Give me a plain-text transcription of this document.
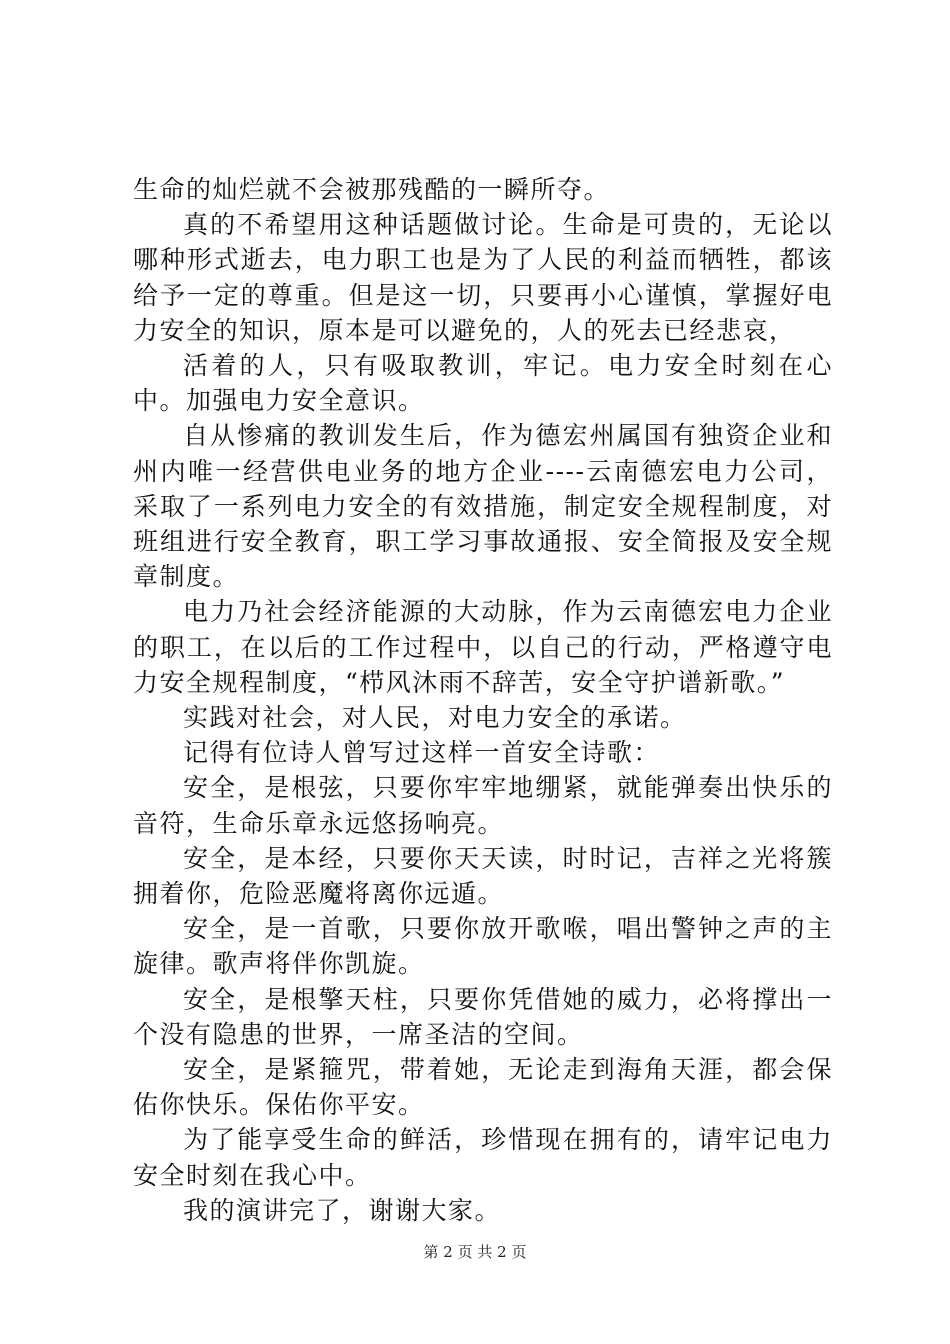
生命的灿烂就不会被那残酷的一瞬所夺。

真的不希望用这种话题做讨论。生命是可贵的，无论以哪种形式逝去，电力职工也是为了人民的利益而牺牲，都该给予一定的尊重。但是这一切，只要再小心谨慎，掌握好电力安全的知识，原本是可以避免的，人的死去已经悲哀，

活着的人，只有吸取教训，牢记。电力安全时刻在心中。加强电力安全意识。

自从惨痛的教训发生后，作为德宏州属国有独资企业和州内唯一经营供电业务的地方企业----云南德宏电力公司，采取了一系列电力安全的有效措施，制定安全规程制度，对班组进行安全教育，职工学习事故通报、安全简报及安全规章制度。

电力乃社会经济能源的大动脉，作为云南德宏电力企业的职工，在以后的工作过程中，以自己的行动，严格遵守电力安全规程制度，“栉风沐雨不辞苦，安全守护谱新歌。”

实践对社会，对人民，对电力安全的承诺。

记得有位诗人曾写过这样一首安全诗歌：

安全，是根弦，只要你牢牢地绷紧，就能弹奏出快乐的音符，生命乐章永远悠扬响亮。

安全，是本经，只要你天天读，时时记，吉祥之光将簇拥着你，危险恶魔将离你远遁。

安全，是一首歌，只要你放开歌喉，唱出警钟之声的主旋律。歌声将伴你凯旋。

安全，是根擎天柱，只要你凭借她的威力，必将撑出一个没有隐患的世界，一席圣洁的空间。

安全，是紧箍咒，带着她，无论走到海角天涯，都会保佑你快乐。保佑你平安。

为了能享受生命的鲜活，珍惜现在拥有的，请牢记电力安全时刻在我心中。

我的演讲完了，谢谢大家。

第 2 页 共 2 页
